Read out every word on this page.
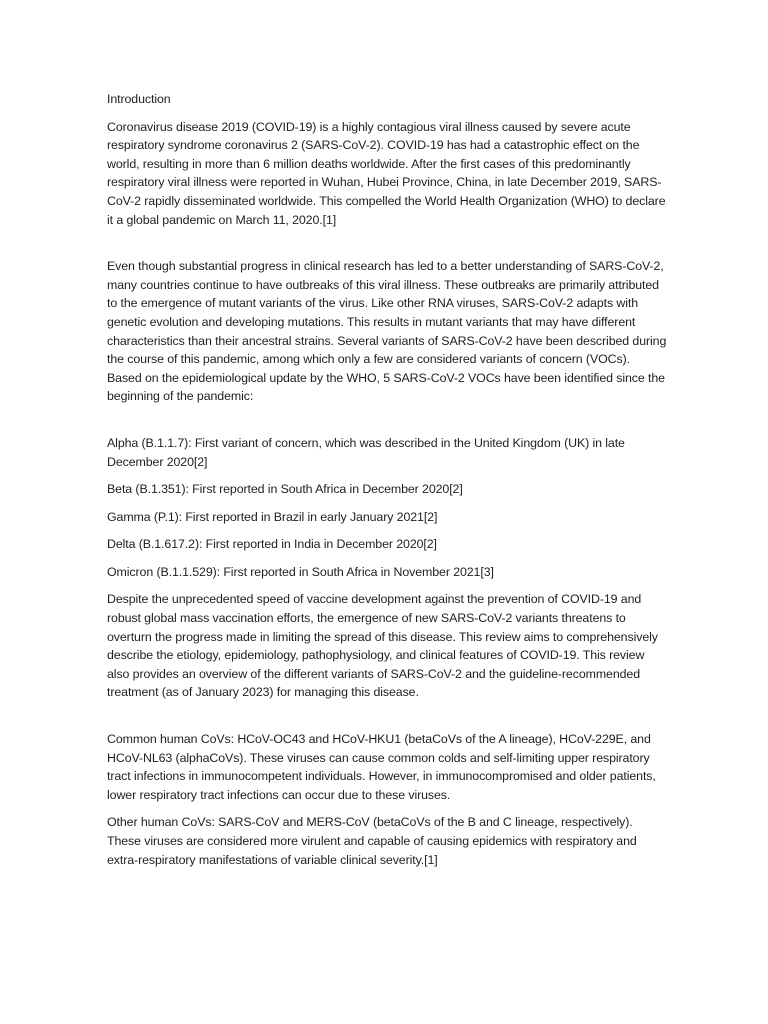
Introduction

Coronavirus disease 2019 (COVID-19) is a highly contagious viral illness caused by severe acute respiratory syndrome coronavirus 2 (SARS-CoV-2). COVID-19 has had a catastrophic effect on the world, resulting in more than 6 million deaths worldwide. After the first cases of this predominantly respiratory viral illness were reported in Wuhan, Hubei Province, China, in late December 2019, SARS-CoV-2 rapidly disseminated worldwide. This compelled the World Health Organization (WHO) to declare it a global pandemic on March 11, 2020.[1]

Even though substantial progress in clinical research has led to a better understanding of SARS-CoV-2, many countries continue to have outbreaks of this viral illness. These outbreaks are primarily attributed to the emergence of mutant variants of the virus. Like other RNA viruses, SARS-CoV-2 adapts with genetic evolution and developing mutations. This results in mutant variants that may have different characteristics than their ancestral strains. Several variants of SARS-CoV-2 have been described during the course of this pandemic, among which only a few are considered variants of concern (VOCs). Based on the epidemiological update by the WHO, 5 SARS-CoV-2 VOCs have been identified since the beginning of the pandemic:

Alpha (B.1.1.7): First variant of concern, which was described in the United Kingdom (UK) in late December 2020[2]

Beta (B.1.351): First reported in South Africa in December 2020[2]

Gamma (P.1): First reported in Brazil in early January 2021[2]

Delta (B.1.617.2): First reported in India in December 2020[2]

Omicron (B.1.1.529): First reported in South Africa in November 2021[3]

Despite the unprecedented speed of vaccine development against the prevention of COVID-19 and robust global mass vaccination efforts, the emergence of new SARS-CoV-2 variants threatens to overturn the progress made in limiting the spread of this disease. This review aims to comprehensively describe the etiology, epidemiology, pathophysiology, and clinical features of COVID-19. This review also provides an overview of the different variants of SARS-CoV-2 and the guideline-recommended treatment (as of January 2023) for managing this disease.

Common human CoVs: HCoV-OC43 and HCoV-HKU1 (betaCoVs of the A lineage), HCoV-229E, and HCoV-NL63 (alphaCoVs). These viruses can cause common colds and self-limiting upper respiratory tract infections in immunocompetent individuals. However, in immunocompromised and older patients, lower respiratory tract infections can occur due to these viruses.

Other human CoVs: SARS-CoV and MERS-CoV (betaCoVs of the B and C lineage, respectively). These viruses are considered more virulent and capable of causing epidemics with respiratory and extra-respiratory manifestations of variable clinical severity.[1]
